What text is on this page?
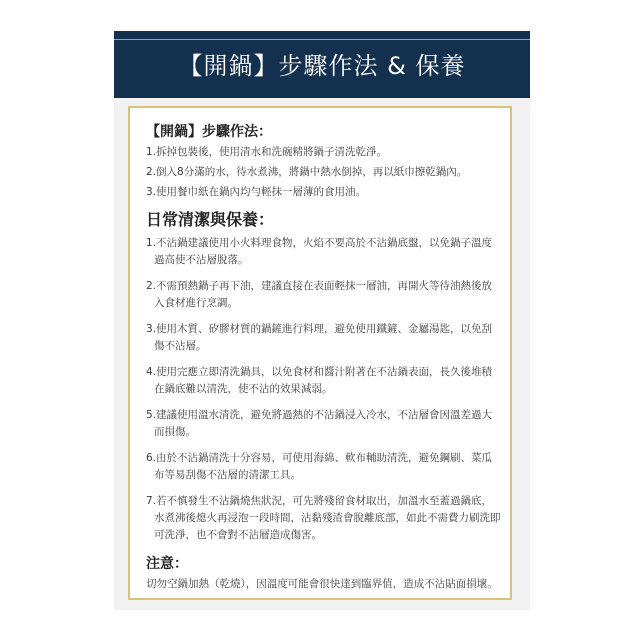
【開鍋】步驟作法 & 保養
【開鍋】步驟作法：

1.拆掉包裝後，使用清水和洗碗精將鍋子清洗乾淨。

2.倒入8分滿的水，待水煮沸，將鍋中熱水倒掉，再以紙巾擦乾鍋內。

3.使用餐巾紙在鍋內均勻輕抹一層薄的食用油。

日常清潔與保養：

1.不沾鍋建議使用小火料理食物，火焰不要高於不沾鍋底盤，以免鍋子溫度過高使不沾層脫落。

2.不需預熱鍋子再下油，建議直接在表面輕抹一層油，再開火等待油熱後放入食材進行烹調。

3.使用木質、矽膠材質的鍋鏟進行料理，避免使用鐵鏟、金屬湯匙，以免刮傷不沾層。

4.使用完應立即清洗鍋具，以免食材和醬汁附著在不沾鍋表面，長久後堆積在鍋底難以清洗，使不沾的效果減弱。

5.建議使用溫水清洗，避免將過熱的不沾鍋浸入冷水，不沾層會因溫差過大而損傷。

6.由於不沾鍋清洗十分容易，可使用海綿、軟布輔助清洗，避免鋼刷、菜瓜布等易刮傷不沾層的清潔工具。

7.若不慎發生不沾鍋燒焦狀況，可先將殘留食材取出，加溫水至蓋過鍋底，水煮沸後熄火再浸泡一段時間，沾黏殘渣會脫離底部，如此不需費力刷洗即可洗淨，也不會對不沾層造成傷害。

注意：

切勿空鍋加熱（乾燒），因溫度可能會很快達到臨界值，造成不沾貼面損壞。
